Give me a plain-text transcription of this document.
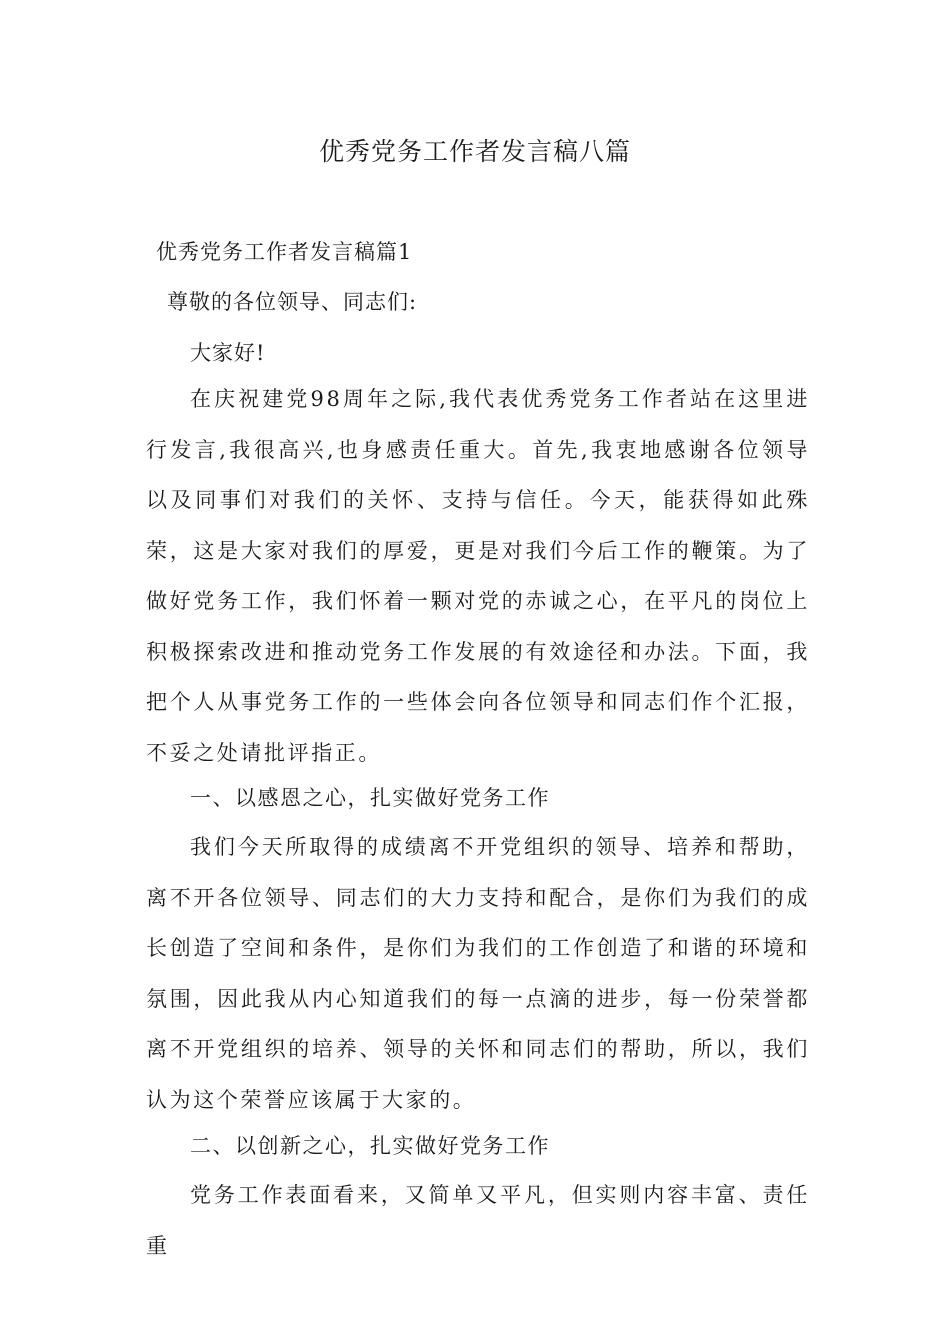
优秀党务工作者发言稿八篇

优秀党务工作者发言稿篇1

尊敬的各位领导、同志们:

大家好!

在庆祝建党98周年之际,我代表优秀党务工作者站在这里进行发言,我很高兴,也身感责任重大。首先,我衷地感谢各位领导以及同事们对我们的关怀、支持与信任。今天，能获得如此殊荣，这是大家对我们的厚爱，更是对我们今后工作的鞭策。为了做好党务工作，我们怀着一颗对党的赤诚之心，在平凡的岗位上积极探索改进和推动党务工作发展的有效途径和办法。下面，我把个人从事党务工作的一些体会向各位领导和同志们作个汇报，不妥之处请批评指正。

一、以感恩之心，扎实做好党务工作

我们今天所取得的成绩离不开党组织的领导、培养和帮助，离不开各位领导、同志们的大力支持和配合，是你们为我们的成长创造了空间和条件，是你们为我们的工作创造了和谐的环境和氛围，因此我从内心知道我们的每一点滴的进步，每一份荣誉都离不开党组织的培养、领导的关怀和同志们的帮助，所以，我们认为这个荣誉应该属于大家的。

二、以创新之心，扎实做好党务工作

党务工作表面看来，又简单又平凡，但实则内容丰富、责任重
